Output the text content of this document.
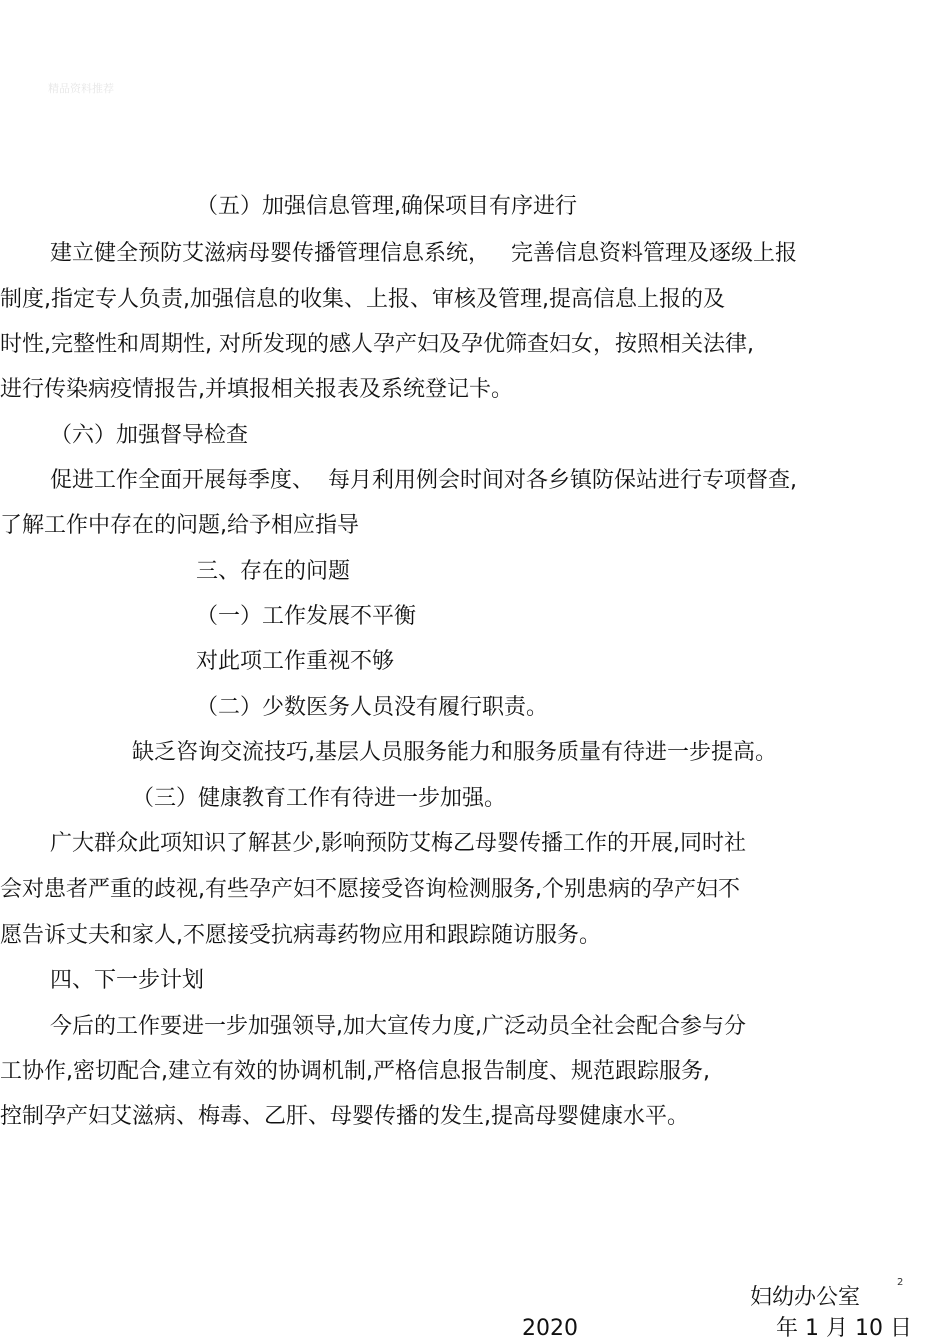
精品资料推荐
（五）加强信息管理,确保项目有序进行
建立健全预防艾滋病母婴传播管理信息系统，   完善信息资料管理及逐级上报
制度,指定专人负责,加强信息的收集、上报、审核及管理,提高信息上报的及
时性,完整性和周期性, 对所发现的感人孕产妇及孕优筛查妇女，按照相关法律,
进行传染病疫情报告,并填报相关报表及系统登记卡。
（六）加强督导检查
促进工作全面开展每季度、  每月利用例会时间对各乡镇防保站进行专项督查,
了解工作中存在的问题,给予相应指导
三、存在的问题
（一）工作发展不平衡
对此项工作重视不够
（二）少数医务人员没有履行职责。
缺乏咨询交流技巧,基层人员服务能力和服务质量有待进一步提高。
（三）健康教育工作有待进一步加强。
广大群众此项知识了解甚少,影响预防艾梅乙母婴传播工作的开展,同时社
会对患者严重的歧视,有些孕产妇不愿接受咨询检测服务,个别患病的孕产妇不
愿告诉丈夫和家人,不愿接受抗病毒药物应用和跟踪随访服务。
四、下一步计划
今后的工作要进一步加强领导,加大宣传力度,广泛动员全社会配合参与分
工协作,密切配合,建立有效的协调机制,严格信息报告制度、规范跟踪服务,
控制孕产妇艾滋病、梅毒、乙肝、母婴传播的发生,提高母婴健康水平。
妇幼办公室
2
2020	年 1 月 10 日
